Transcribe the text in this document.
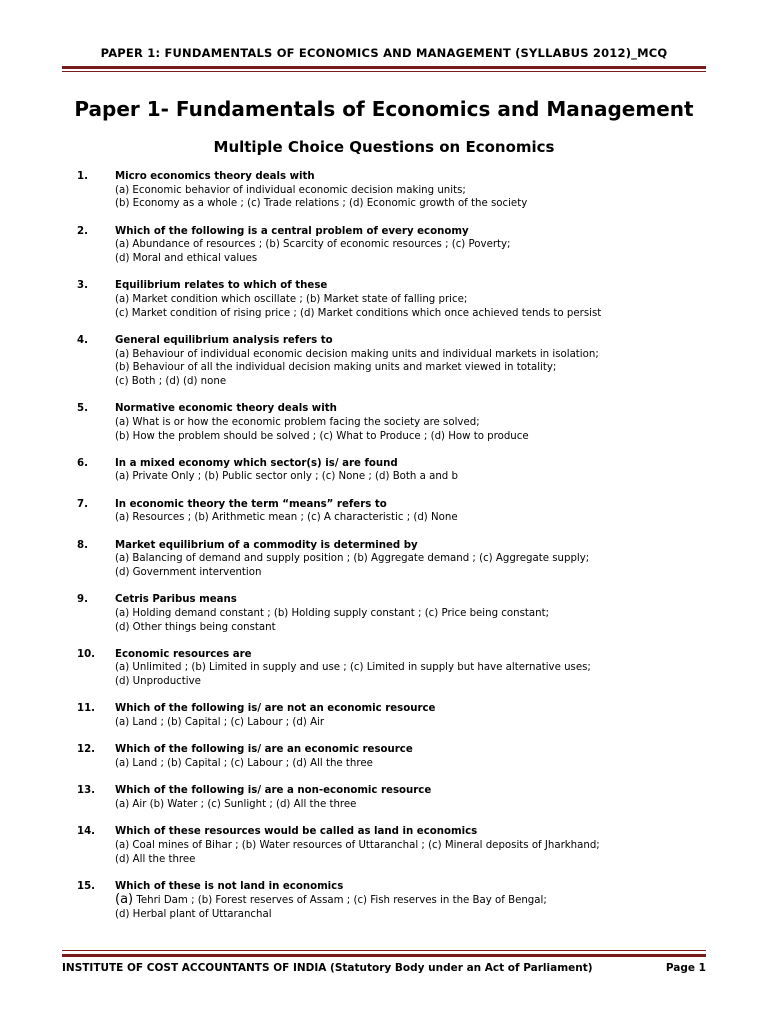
PAPER 1: FUNDAMENTALS OF ECONOMICS AND MANAGEMENT (SYLLABUS 2012)_MCQ
Paper 1- Fundamentals of Economics and Management
Multiple Choice Questions on Economics
1.	Micro economics theory deals with
(a) Economic behavior of individual economic decision making units;
(b) Economy as a whole ; (c) Trade relations ; (d) Economic growth of the society
2.	Which of the following is a central problem of every economy
(a) Abundance of resources ; (b) Scarcity of economic resources ; (c) Poverty;
(d) Moral and ethical values
3.	Equilibrium relates to which of these
(a) Market condition which oscillate ; (b) Market state of falling price;
(c) Market condition of rising price ; (d) Market conditions which once achieved tends to persist
4.	General equilibrium analysis refers to
(a) Behaviour of individual economic decision making units and individual markets in isolation;
(b) Behaviour of all the individual decision making units and market viewed in totality;
(c) Both ; (d) (d) none
5.	Normative economic theory deals with
(a) What is or how the economic problem facing the society are solved;
(b) How the problem should be solved ; (c) What to Produce ; (d) How to produce
6.	In a mixed economy which sector(s) is/ are found
(a) Private Only ; (b) Public sector only ; (c) None ; (d) Both a and b
7.	In economic theory the term “means” refers to
(a) Resources ; (b) Arithmetic mean ; (c) A characteristic ; (d) None
8.	Market equilibrium of a commodity is determined by
(a) Balancing of demand and supply position ; (b) Aggregate demand ; (c) Aggregate supply;
(d) Government intervention
9.	Cetris Paribus means
(a) Holding demand constant ; (b) Holding supply constant ; (c) Price being constant;
(d) Other things being constant
10. Economic resources are
(a) Unlimited ; (b) Limited in supply and use ; (c) Limited in supply but have alternative uses;
(d) Unproductive
11. Which of the following is/ are not an economic resource
(a) Land ; (b) Capital ; (c) Labour ; (d) Air
12. Which of the following is/ are an economic resource
(a) Land ; (b) Capital ; (c) Labour ; (d) All the three
13. Which of the following is/ are a non-economic resource
(a) Air (b) Water ; (c) Sunlight ; (d) All the three
14. Which of these resources would be called as land in economics
(a) Coal mines of Bihar ; (b) Water resources of Uttaranchal ; (c) Mineral deposits of Jharkhand;
(d) All the three
15. Which of these is not land in economics
(a) Tehri Dam ; (b) Forest reserves of Assam ; (c) Fish reserves in the Bay of Bengal;
(d) Herbal plant of Uttaranchal
INSTITUTE OF COST ACCOUNTANTS OF INDIA (Statutory Body under an Act of Parliament)	Page 1
